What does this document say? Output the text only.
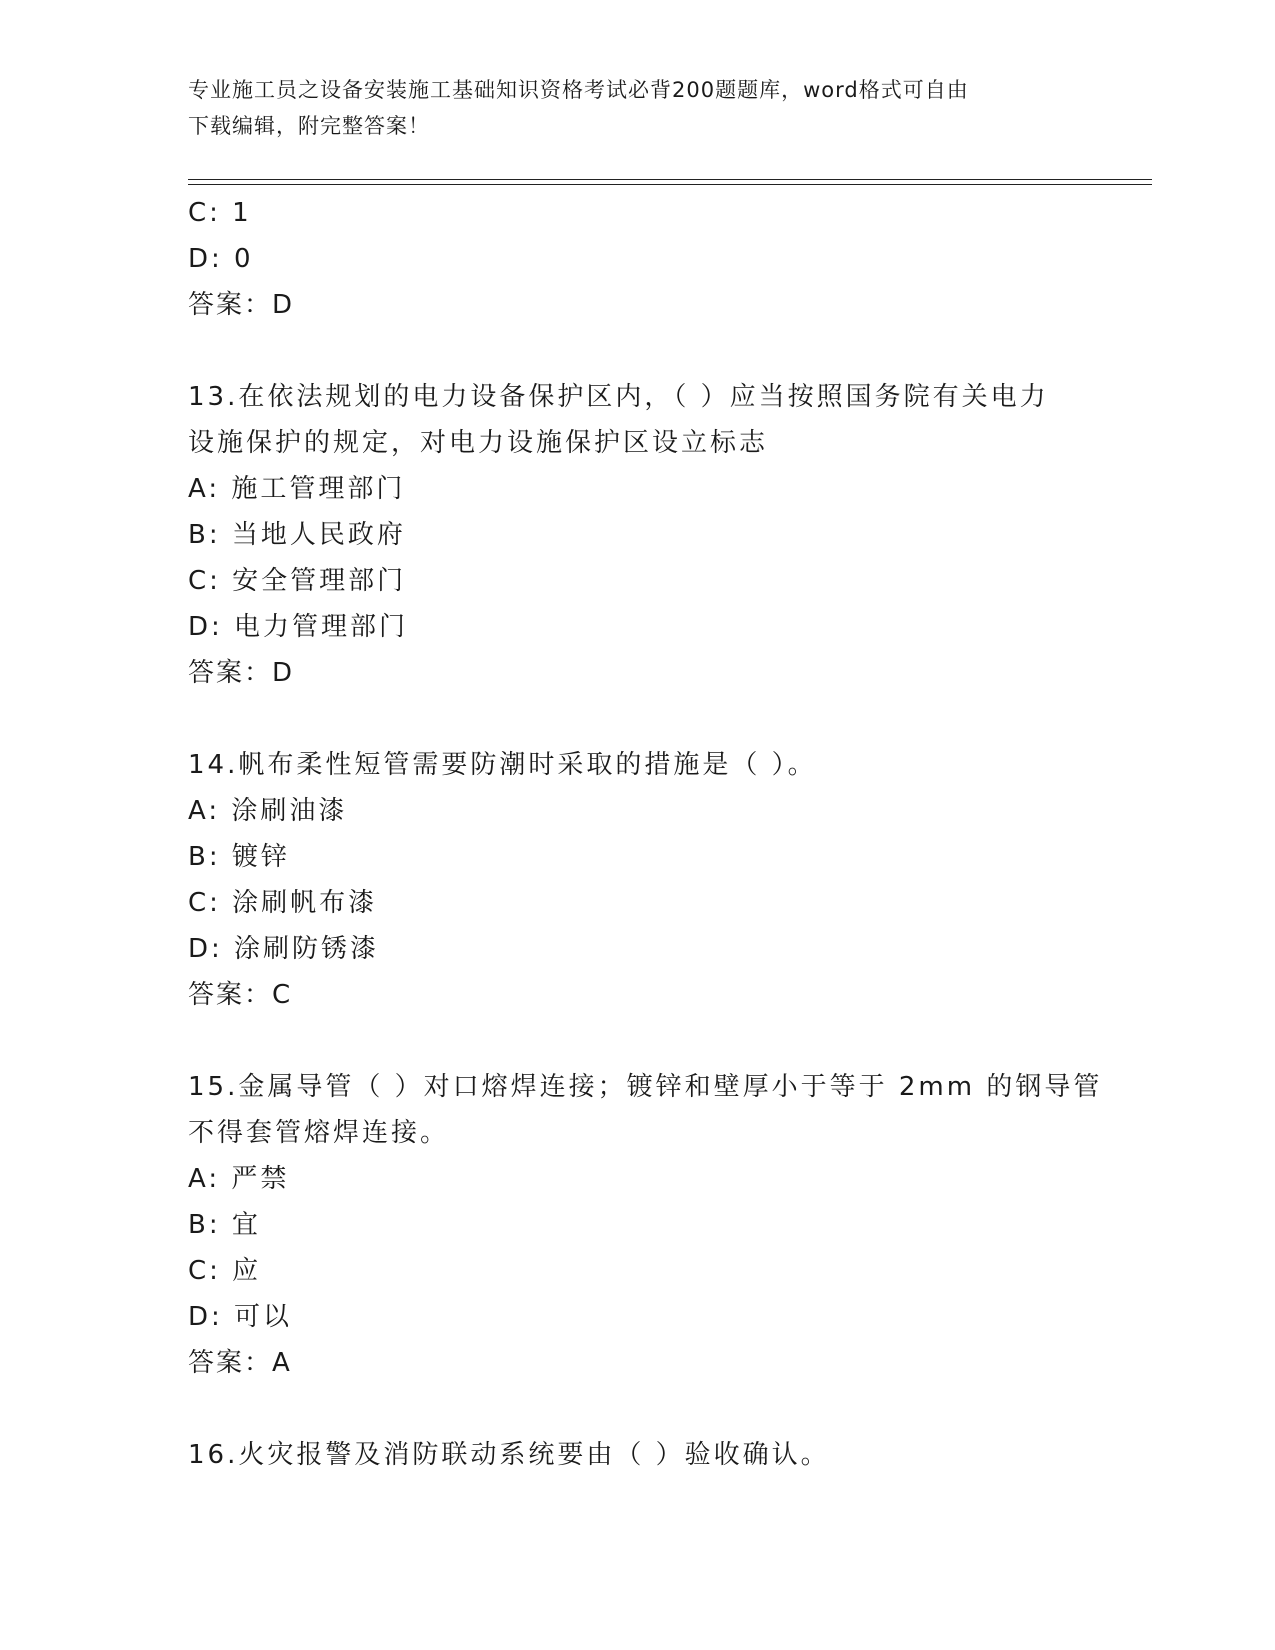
专业施工员之设备安装施工基础知识资格考试必背200题题库，word格式可自由
下载编辑，附完整答案！
C: 1
D: 0
答案：D
13.在依法规划的电力设备保护区内，（ ）应当按照国务院有关电力
设施保护的规定，对电力设施保护区设立标志
A: 施工管理部门
B: 当地人民政府
C: 安全管理部门
D: 电力管理部门
答案：D
14.帆布柔性短管需要防潮时采取的措施是（ ）。
A: 涂刷油漆
B: 镀锌
C: 涂刷帆布漆
D: 涂刷防锈漆
答案：C
15.金属导管（ ）对口熔焊连接；镀锌和壁厚小于等于 2mm 的钢导管
不得套管熔焊连接。
A: 严禁
B: 宜
C: 应
D: 可以
答案：A
16.火灾报警及消防联动系统要由（ ）验收确认。
